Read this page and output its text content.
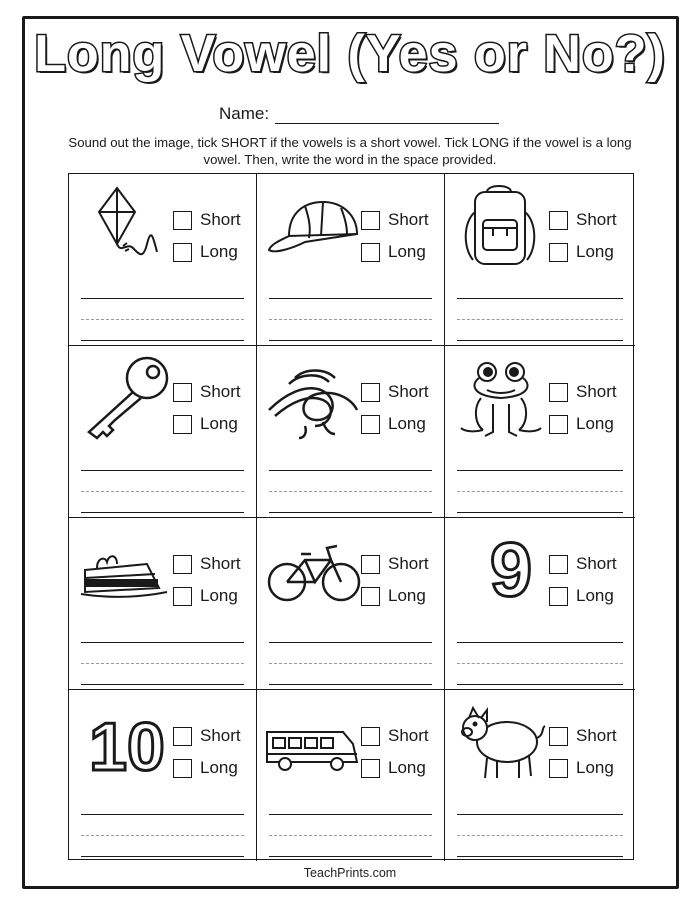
Long Vowel (Yes or No?)
Name:

Sound out the image, tick SHORT if the vowels is a short vowel. Tick LONG if the vowel is a long vowel. Then, write the word in the space provided.

Short
Long
Short
Long
Short
Long
Short
Long
Short
Long
Short
Long
Short
Long
Short
Long 9	Short
Long
10 Short
Long
Short
Long
Short
Long
TeachPrints.com
